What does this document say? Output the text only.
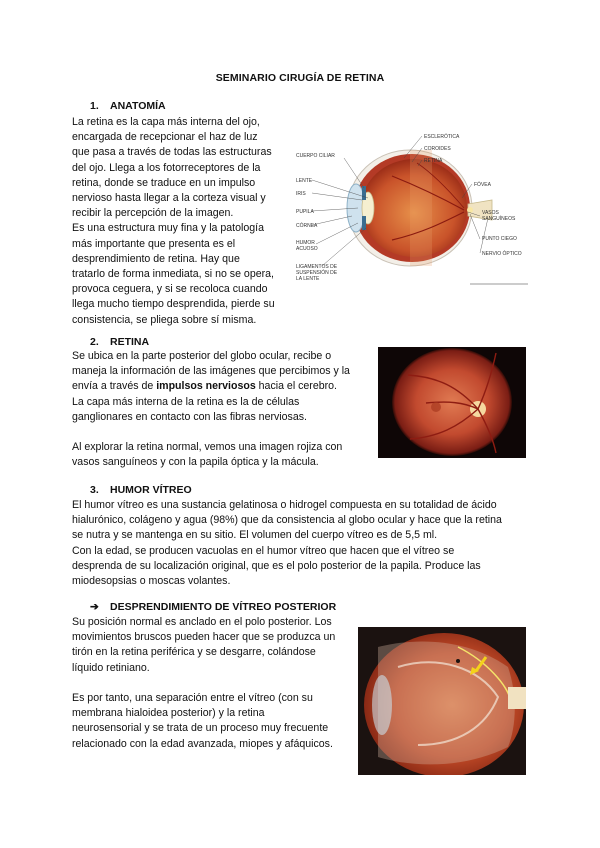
SEMINARIO CIRUGÍA DE RETINA
1. ANATOMÍA

La retina es la capa más interna del ojo,

encargada de recepcionar el haz de luz

que pasa a través de todas las estructuras

del ojo. Llega a los fotorreceptores de la

retina, donde se traduce en un impulso

nervioso hasta llegar a la corteza visual y

recibir la percepción de la imagen.

Es una estructura muy fina y la patología

más importante que presenta es el

desprendimiento de retina. Hay que

tratarlo de forma inmediata, si no se opera,

provoca ceguera, y si se recoloca cuando

llega mucho tiempo desprendida, pierde su

consistencia, se pliega sobre sí misma.

ESCLERÓTICA
COROIDES
RETINA
CUERPO CILIAR
FÓVEA
LENTE
IRIS
PUPILA
CÓRNEA
HUMOR
ACUOSO
VASOS
SANGUÍNEOS
PUNTO CIEGO
NERVIO ÓPTICO
LIGAMENTOS DE
SUSPENSIÓN DE
LA LENTE
2. RETINA

Se ubica en la parte posterior del globo ocular, recibe o

maneja la información de las imágenes que percibimos y la

envía a través de impulsos nerviosos hacia el cerebro.

La capa más interna de la retina es la de células

ganglionares en contacto con las fibras nerviosas.

Al explorar la retina normal, vemos una imagen rojiza con

vasos sanguíneos y con la papila óptica y la mácula.

3. HUMOR VÍTREO

El humor vítreo es una sustancia gelatinosa o hidrogel compuesta en su totalidad de ácido

hialurónico, colágeno y agua (98%) que da consistencia al globo ocular y hace que la retina

se nutra y se mantenga en su sitio. El volumen del cuerpo vítreo es de 5,5 ml.

Con la edad, se producen vacuolas en el humor vítreo que hacen que el vítreo se

desprenda de su localización original, que es el polo posterior de la papila. Produce las

miodesopsias o moscas volantes.

➔ DESPRENDIMIENTO DE VÍTREO POSTERIOR

Su posición normal es anclado en el polo posterior. Los

movimientos bruscos pueden hacer que se produzca un

tirón en la retina periférica y se desgarre, colándose

líquido retiniano.

Es por tanto, una separación entre el vítreo (con su

membrana hialoidea posterior) y la retina

neurosensorial y se trata de un proceso muy frecuente

relacionado con la edad avanzada, miopes y afáquicos.
